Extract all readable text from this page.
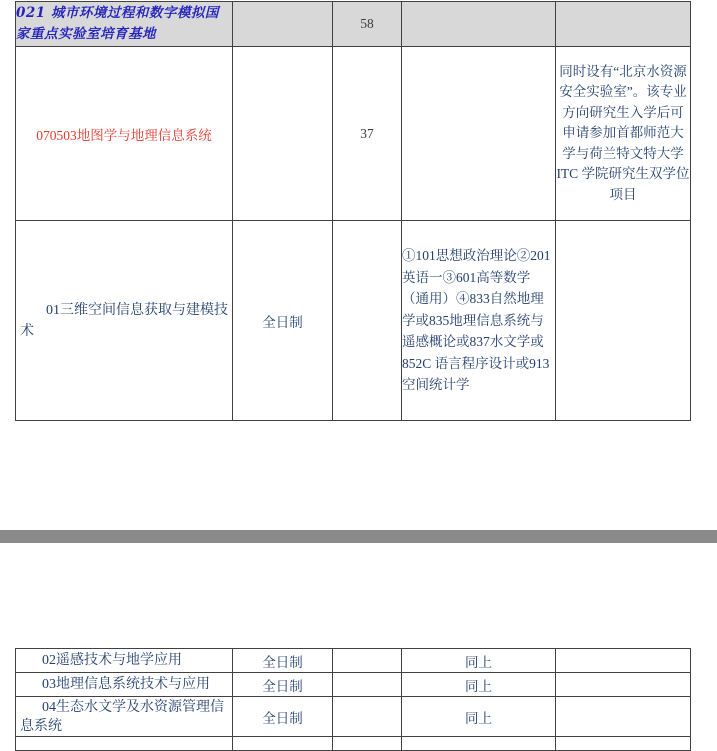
021 城市环境过程和数字模拟国家重点实验室培育基地		58		
070503地图学与地理信息系统		37		同时设有“北京水资源安全实验室”。该专业方向研究生入学后可申请参加首都师范大学与荷兰特文特大学 ITC 学院研究生双学位项目

01三维空间信息获取与建模技术	全日制		①101思想政治理论②201英语一③601高等数学（通用）④833自然地理学或835地理信息系统与遥感概论或837水文学或852C 语言程序设计或913空间统计学	

02遥感技术与地学应用	全日制		同上	

03地理信息系统技术与应用	全日制		同上	

04生态水文学及水资源管理信息系统	全日制		同上	
